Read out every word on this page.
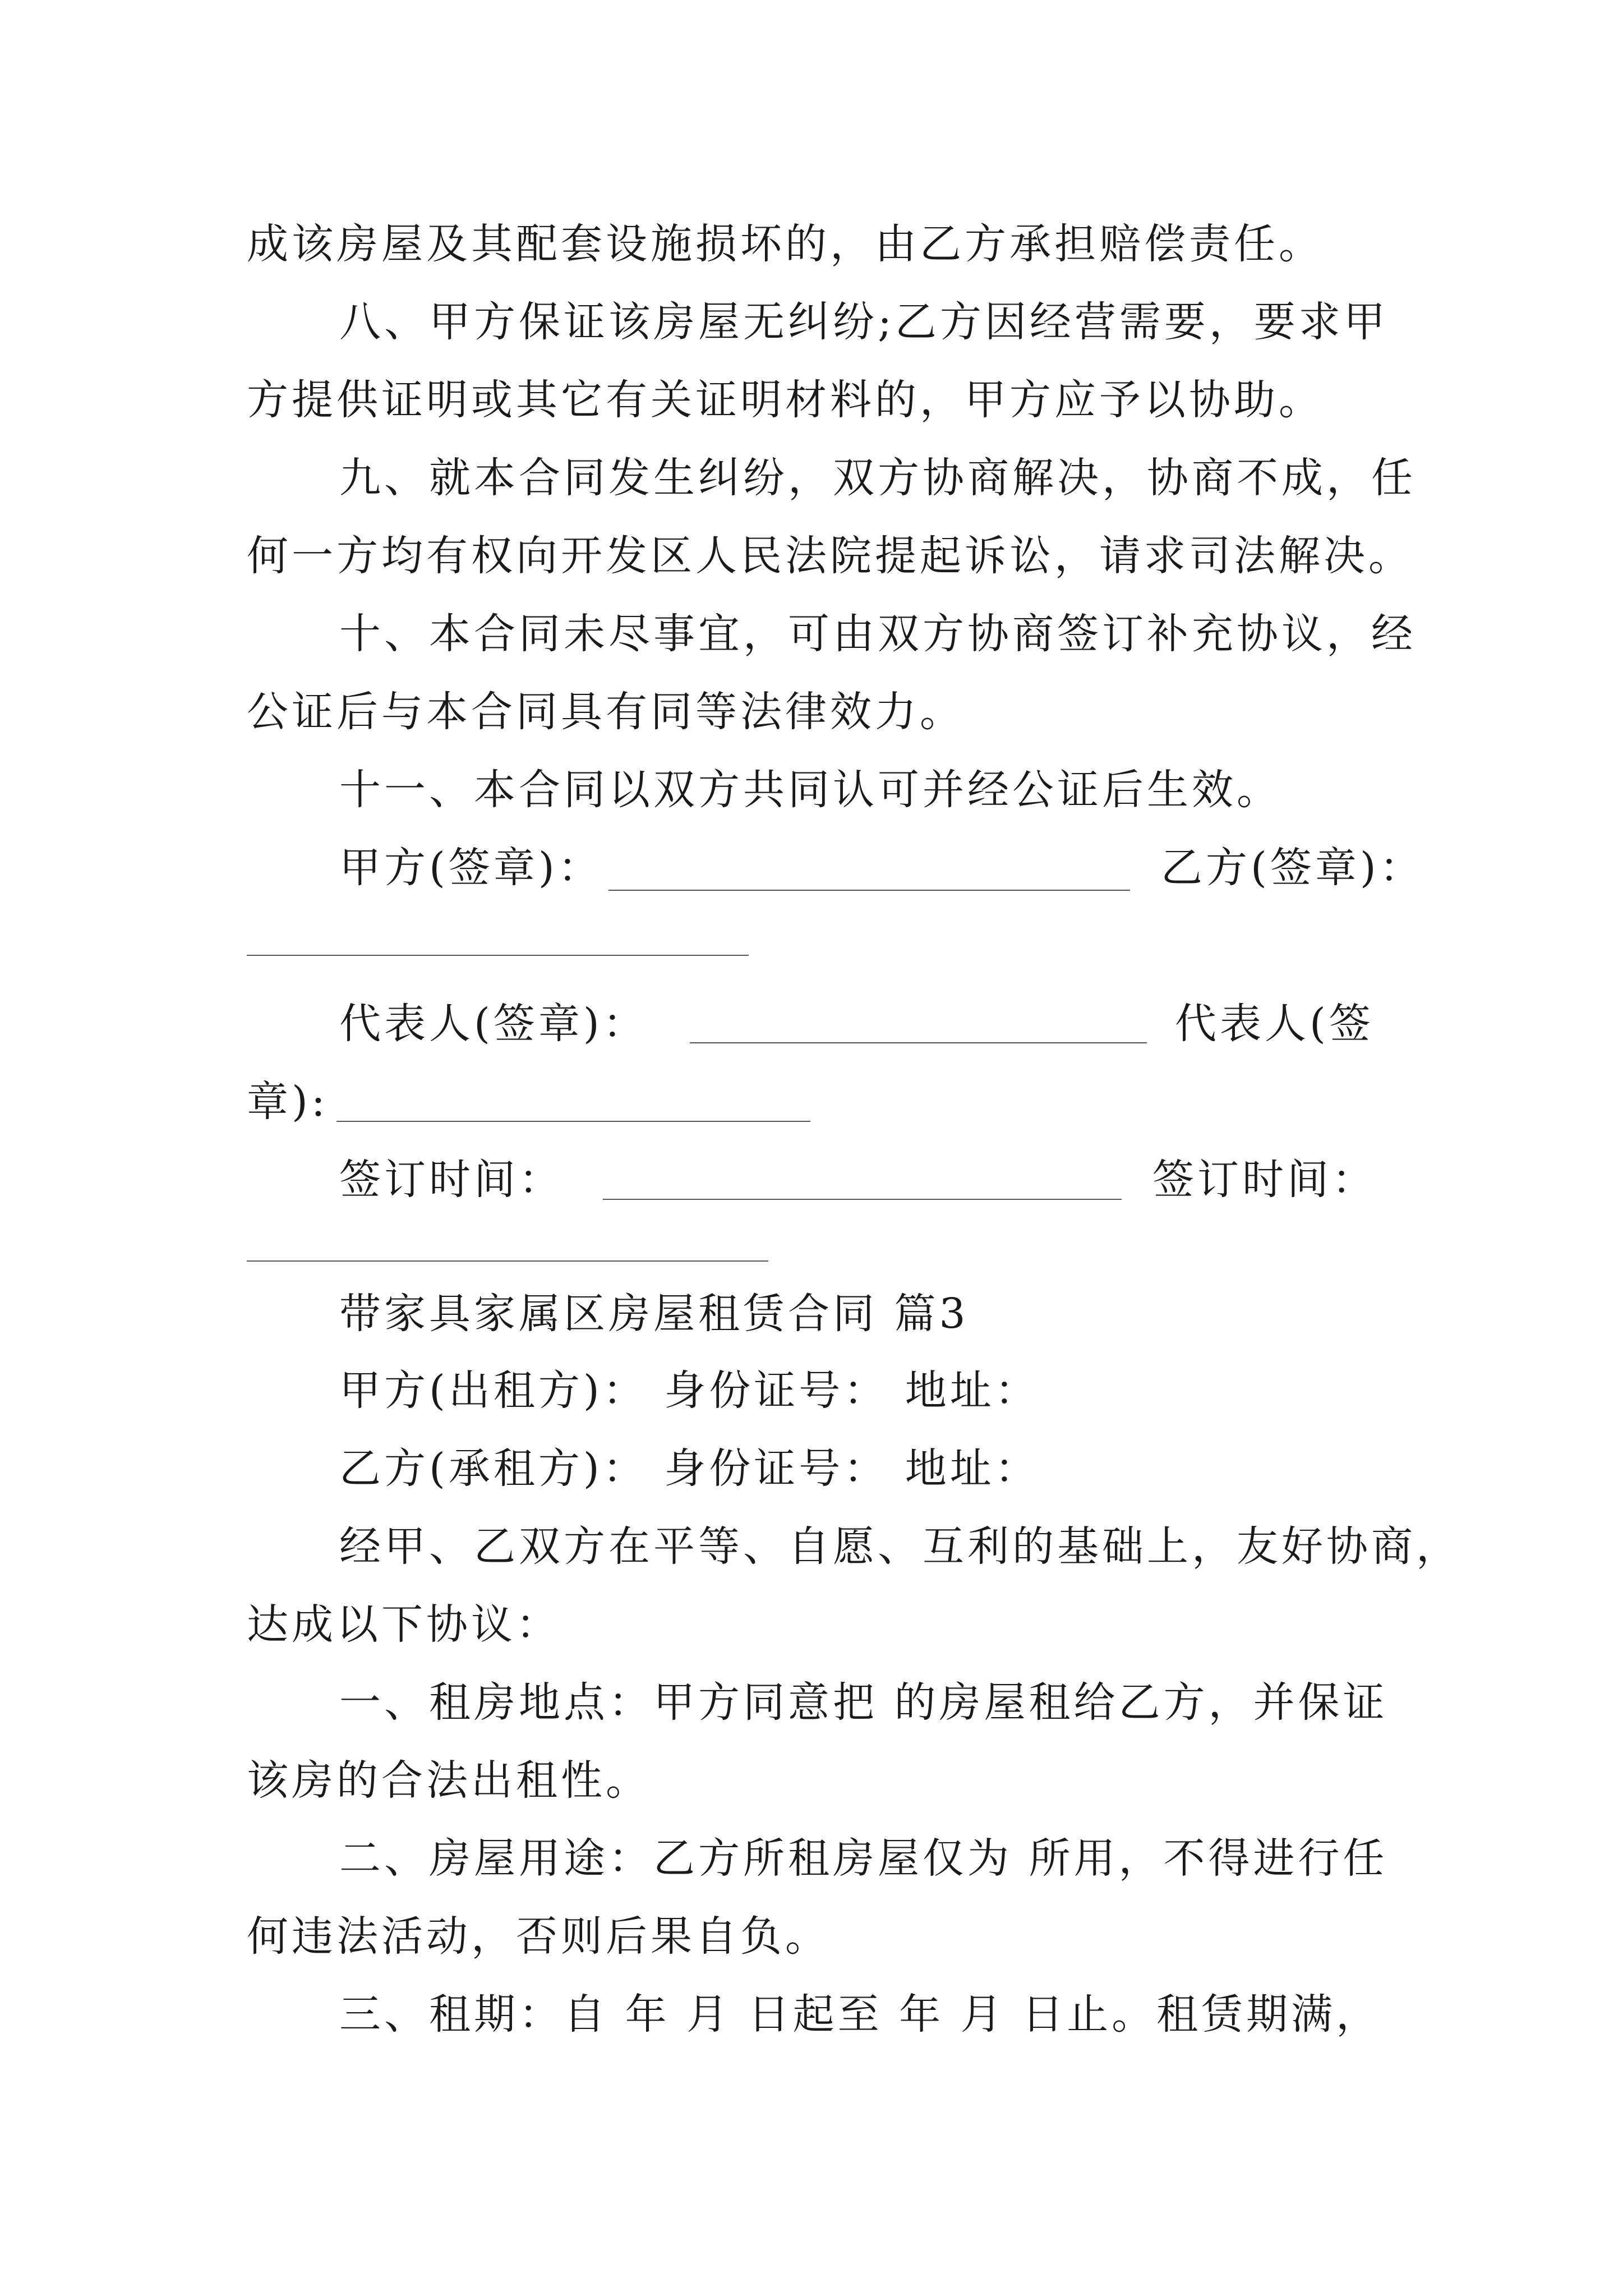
成该房屋及其配套设施损坏的，由乙方承担赔偿责任。
八、甲方保证该房屋无纠纷;乙方因经营需要，要求甲
方提供证明或其它有关证明材料的，甲方应予以协助。
九、就本合同发生纠纷，双方协商解决，协商不成，任
何一方均有权向开发区人民法院提起诉讼，请求司法解决。
十、本合同未尽事宜，可由双方协商签订补充协议，经
公证后与本合同具有同等法律效力。
十一、本合同以双方共同认可并经公证后生效。
甲方(签章)：	乙方(签章)：
代表人(签章)：	代表人(签
章):
签订时间：	签订时间：
带家具家属区房屋租赁合同 篇3
甲方(出租方)： 身份证号： 地址：
乙方(承租方)： 身份证号： 地址：
经甲、乙双方在平等、自愿、互利的基础上，友好协商，
达成以下协议：
一、租房地点：甲方同意把 的房屋租给乙方，并保证
该房的合法出租性。
二、房屋用途：乙方所租房屋仅为 所用，不得进行任
何违法活动，否则后果自负。
三、租期：自 年 月 日起至 年 月 日止。租赁期满，
